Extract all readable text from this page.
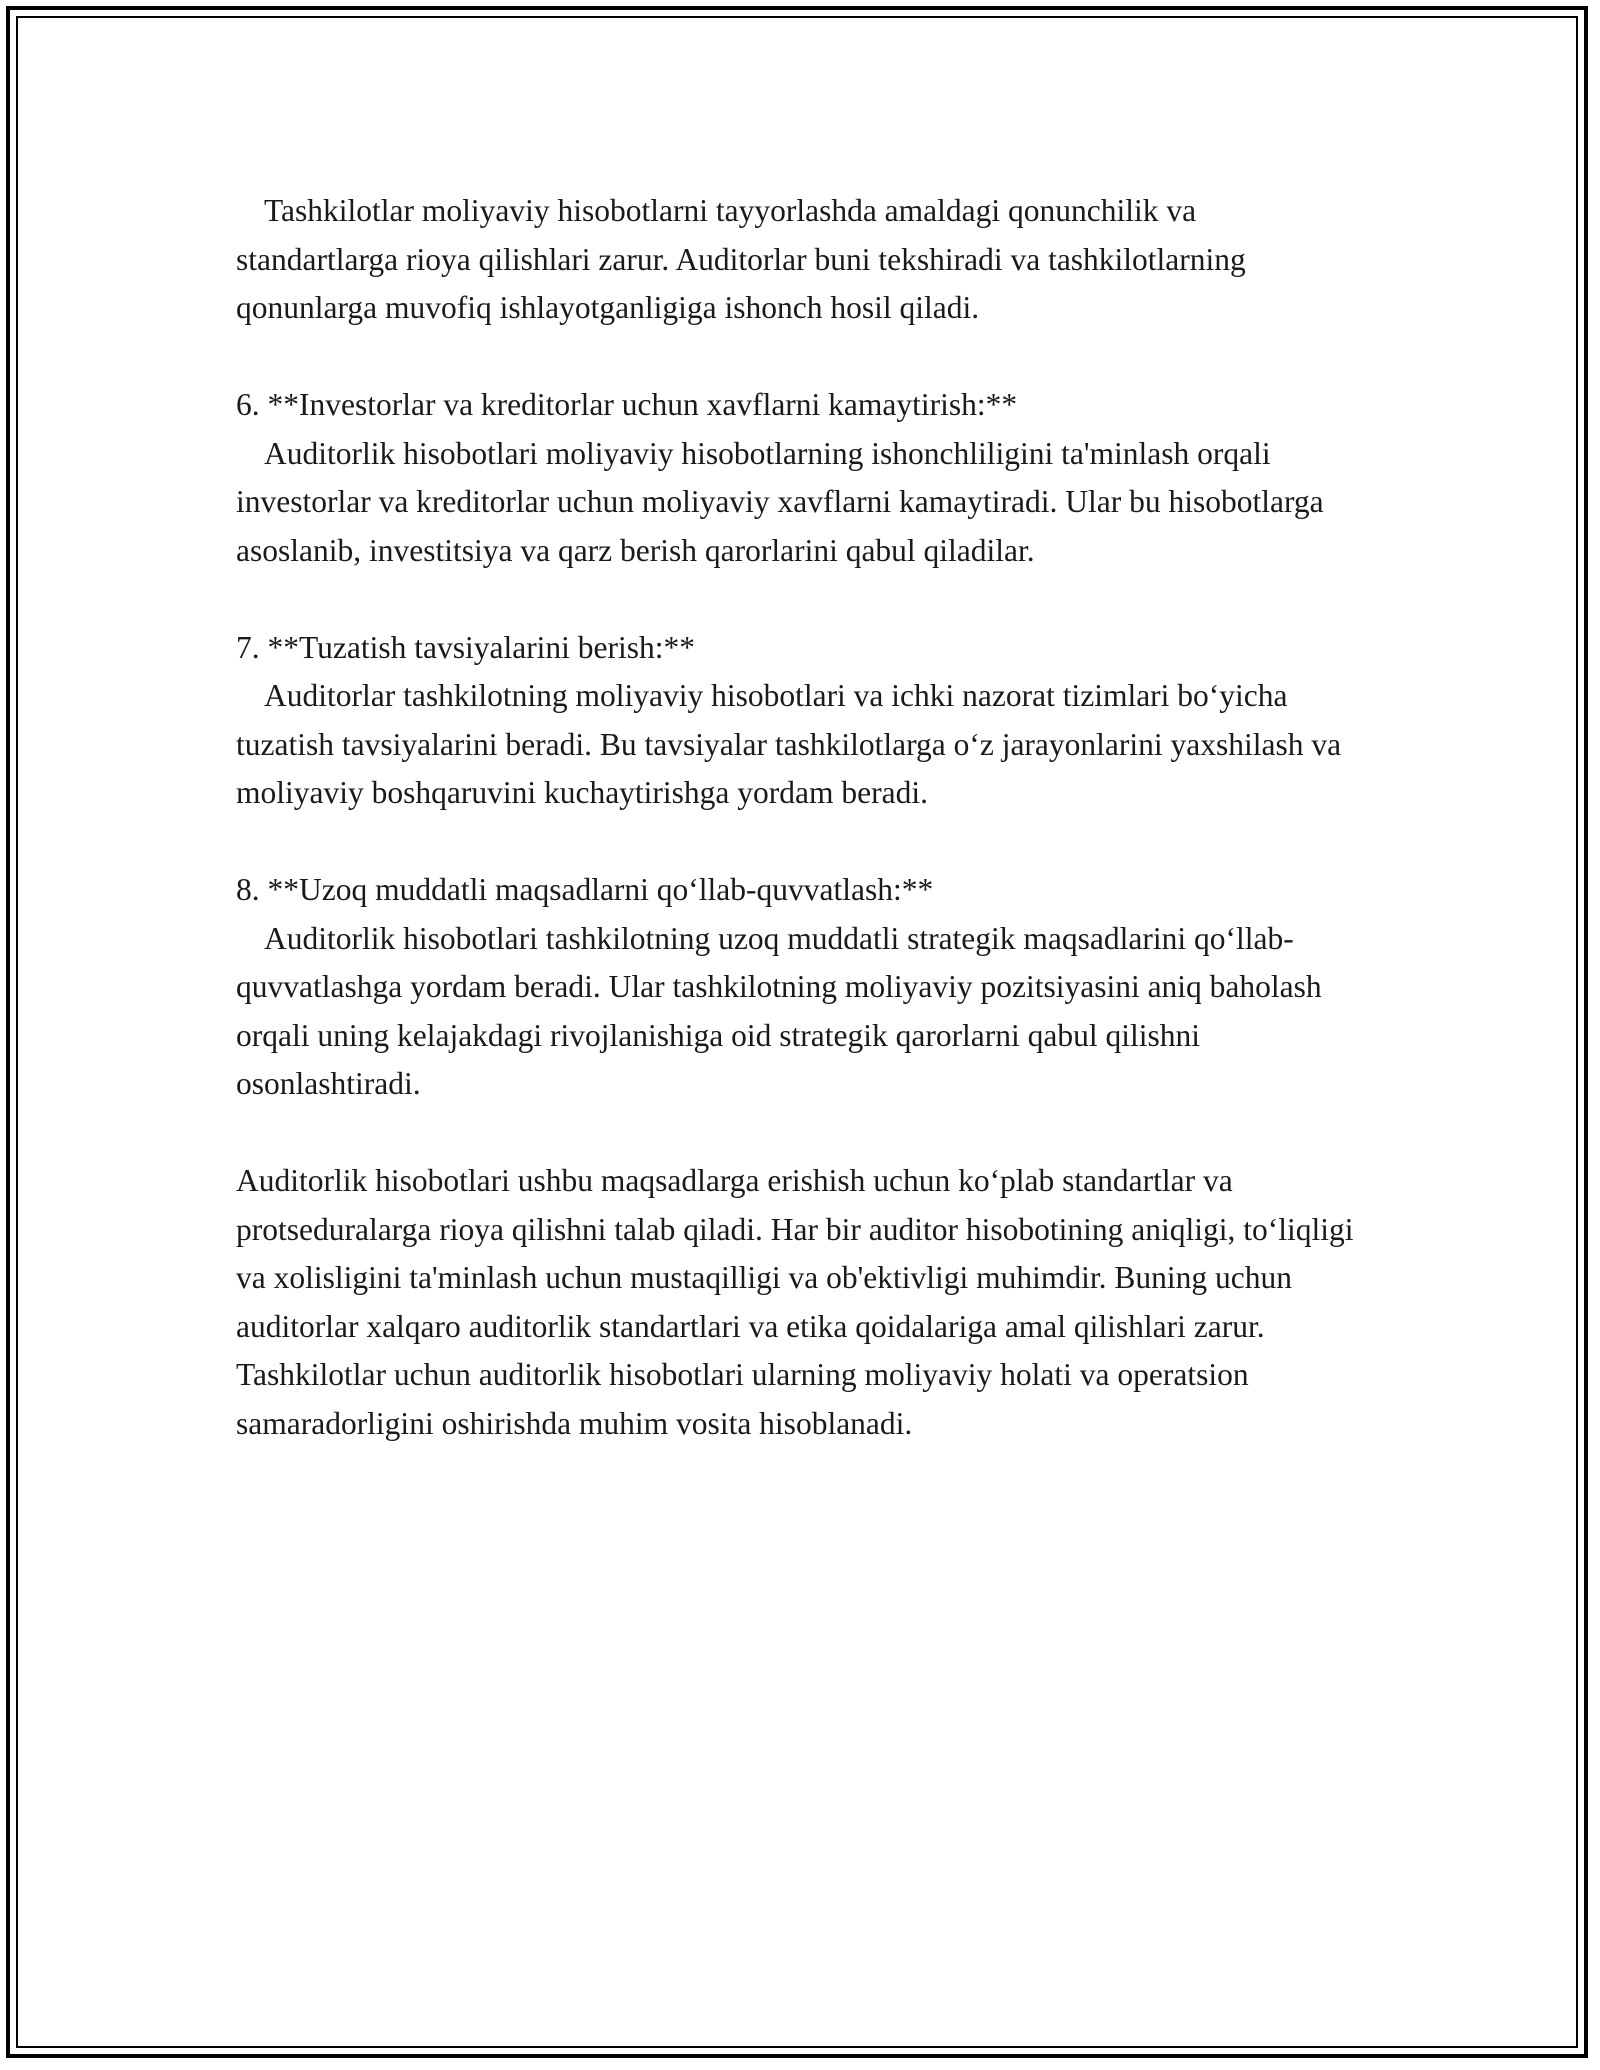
Tashkilotlar moliyaviy hisobotlarni tayyorlashda amaldagi qonunchilik va standartlarga rioya qilishlari zarur. Auditorlar buni tekshiradi va tashkilotlarning qonunlarga muvofiq ishlayotganligiga ishonch hosil qiladi.

6. **Investorlar va kreditorlar uchun xavflarni kamaytirish:**

Auditorlik hisobotlari moliyaviy hisobotlarning ishonchliligini ta'minlash orqali investorlar va kreditorlar uchun moliyaviy xavflarni kamaytiradi. Ular bu hisobotlarga asoslanib, investitsiya va qarz berish qarorlarini qabul qiladilar.

7. **Tuzatish tavsiyalarini berish:**

Auditorlar tashkilotning moliyaviy hisobotlari va ichki nazorat tizimlari bo‘yicha tuzatish tavsiyalarini beradi. Bu tavsiyalar tashkilotlarga o‘z jarayonlarini yaxshilash va moliyaviy boshqaruvini kuchaytirishga yordam beradi.

8. **Uzoq muddatli maqsadlarni qo‘llab-quvvatlash:**

Auditorlik hisobotlari tashkilotning uzoq muddatli strategik maqsadlarini qo‘llab-quvvatlashga yordam beradi. Ular tashkilotning moliyaviy pozitsiyasini aniq baholash orqali uning kelajakdagi rivojlanishiga oid strategik qarorlarni qabul qilishni osonlashtiradi.

Auditorlik hisobotlari ushbu maqsadlarga erishish uchun ko‘plab standartlar va protseduralarga rioya qilishni talab qiladi. Har bir auditor hisobotining aniqligi, to‘liqligi va xolisligini ta'minlash uchun mustaqilligi va ob'ektivligi muhimdir. Buning uchun auditorlar xalqaro auditorlik standartlari va etika qoidalariga amal qilishlari zarur. Tashkilotlar uchun auditorlik hisobotlari ularning moliyaviy holati va operatsion samaradorligini oshirishda muhim vosita hisoblanadi.
